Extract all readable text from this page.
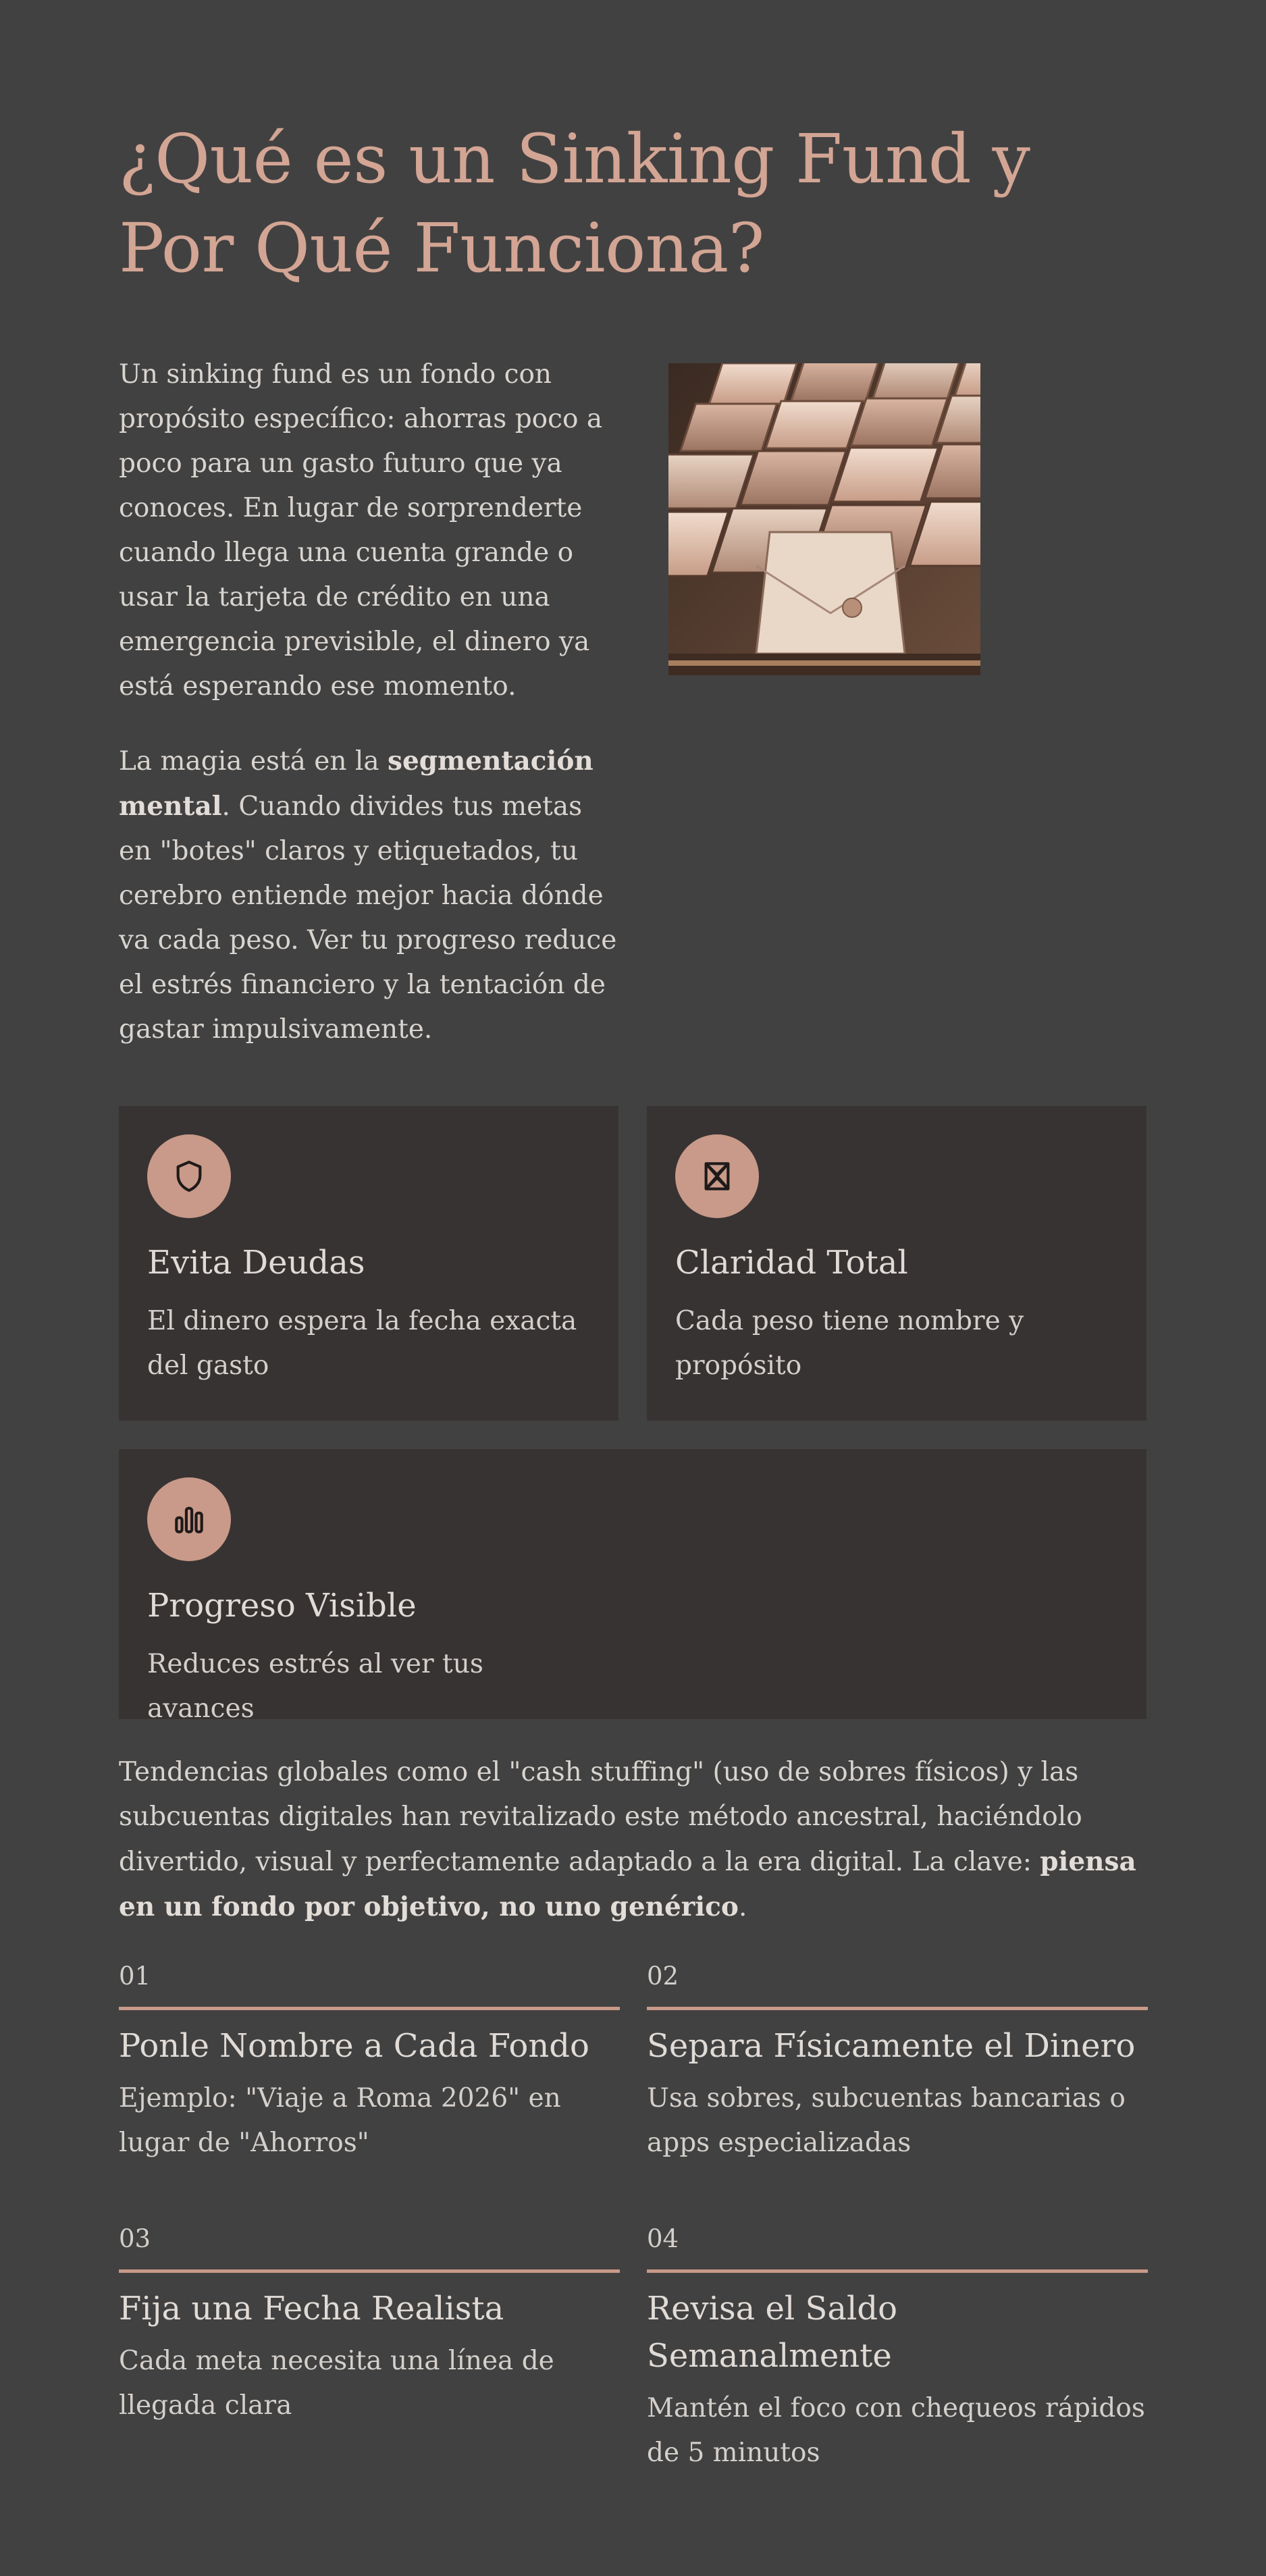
¿Qué es un Sinking Fund y Por Qué Funciona?

Un sinking fund es un fondo con propósito específico: ahorras poco a poco para un gasto futuro que ya conoces. En lugar de sorprenderte cuando llega una cuenta grande o usar la tarjeta de crédito en una emergencia previsible, el dinero ya está esperando ese momento.

La magia está en la segmentación mental. Cuando divides tus metas en "botes" claros y etiquetados, tu cerebro entiende mejor hacia dónde va cada peso. Ver tu progreso reduce el estrés financiero y la tentación de gastar impulsivamente.

Evita Deudas

El dinero espera la fecha exacta del gasto

Claridad Total

Cada peso tiene nombre y propósito

Progreso Visible

Reduces estrés al ver tus avances

Tendencias globales como el "cash stuffing" (uso de sobres físicos) y las subcuentas digitales han revitalizado este método ancestral, haciéndolo divertido, visual y perfectamente adaptado a la era digital. La clave: piensa en un fondo por objetivo, no uno genérico.

01

Ponle Nombre a Cada Fondo

Ejemplo: "Viaje a Roma 2026" en lugar de "Ahorros"

02

Separa Físicamente el Dinero

Usa sobres, subcuentas bancarias o apps especializadas

03

Fija una Fecha Realista

Cada meta necesita una línea de llegada clara

04

Revisa el Saldo Semanalmente

Mantén el foco con chequeos rápidos de 5 minutos
